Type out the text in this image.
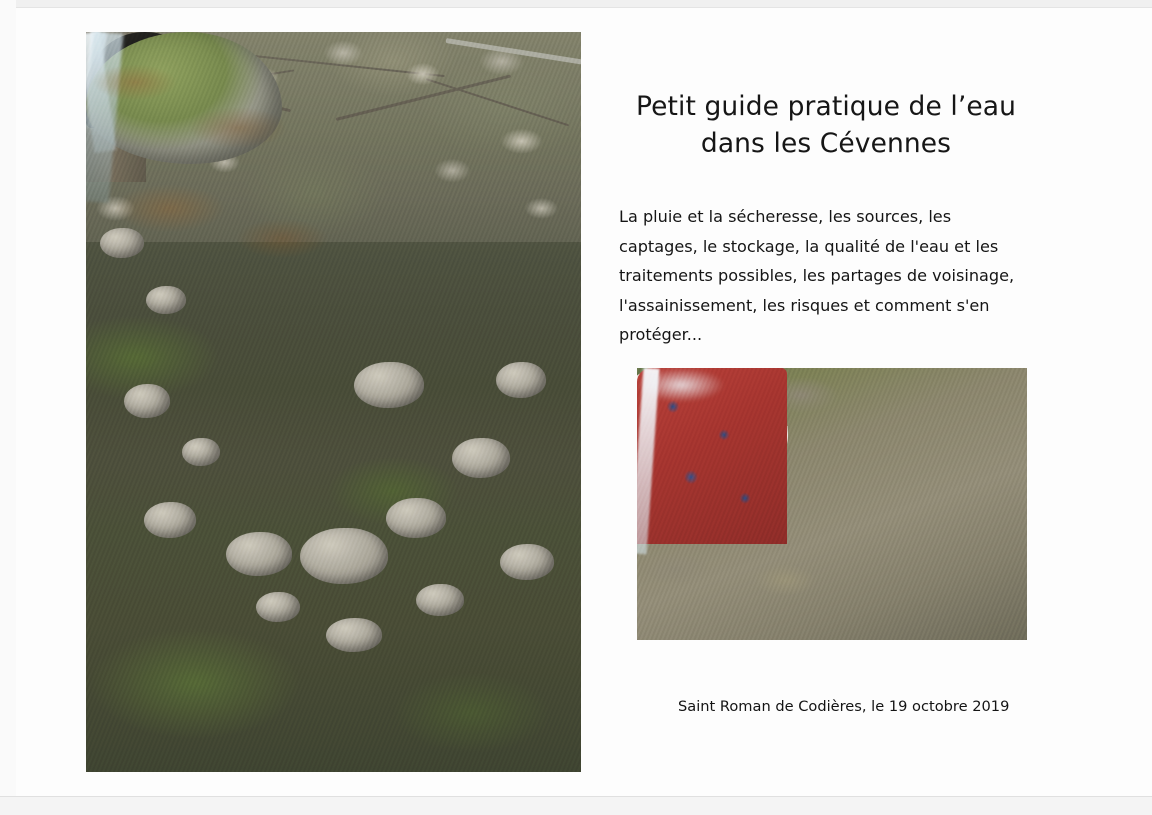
Petit guide pratique de l’eau
dans les Cévennes

La pluie et la sécheresse, les sources, les captages, le stockage, la qualité de l'eau et les traitements possibles, les partages de voisinage, l'assainissement, les risques et comment s'en protéger...

Saint Roman de Codières, le 19 octobre 2019
